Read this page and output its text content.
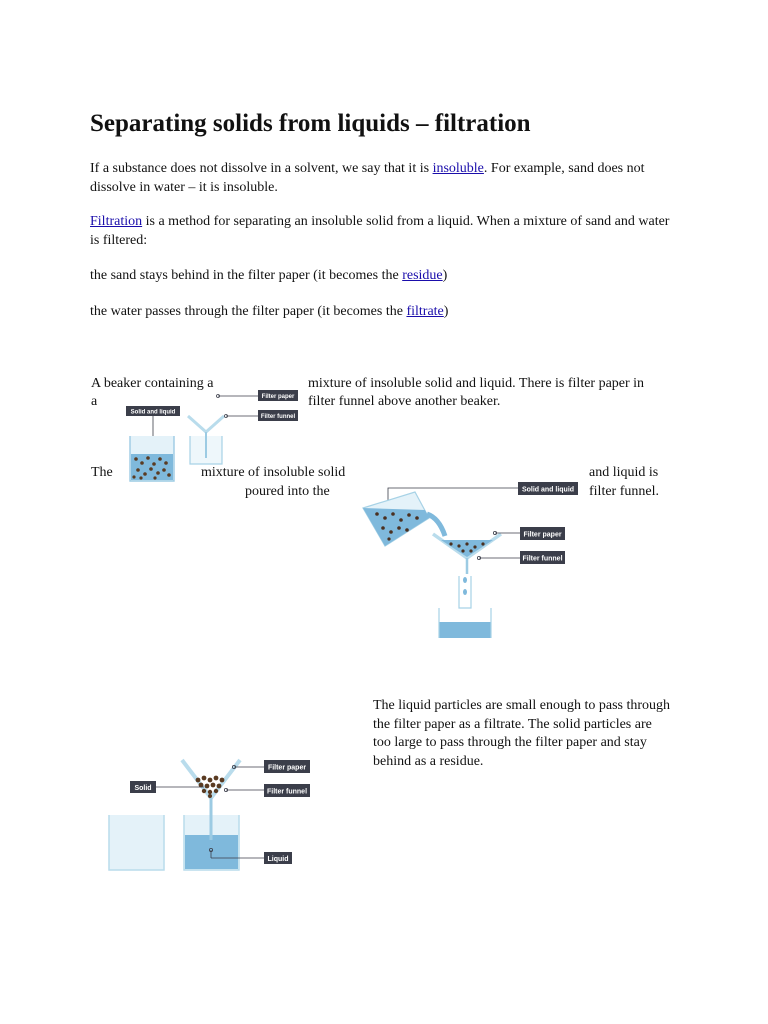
Separating solids from liquids – filtration
If a substance does not dissolve in a solvent, we say that it is insoluble. For example, sand does not dissolve in water – it is insoluble.
Filtration is a method for separating an insoluble solid from a liquid. When a mixture of sand and water is filtered:
the sand stays behind in the filter paper (it becomes the residue)
the water passes through the filter paper (it becomes the filtrate)
A beaker containing a
a
mixture of insoluble solid and liquid. There is filter paper in
filter funnel above another beaker.
Solid and liquid
Filter paper
Filter funnel
The	mixture of insoluble solid
poured into the
and liquid is
filter funnel.
Solid and liquid
Filter paper
Filter funnel
The liquid particles are small enough to pass through the filter paper as a filtrate. The solid particles are too large to pass through the filter paper and stay behind as a residue.
Solid
Filter paper
Filter funnel
Liquid
